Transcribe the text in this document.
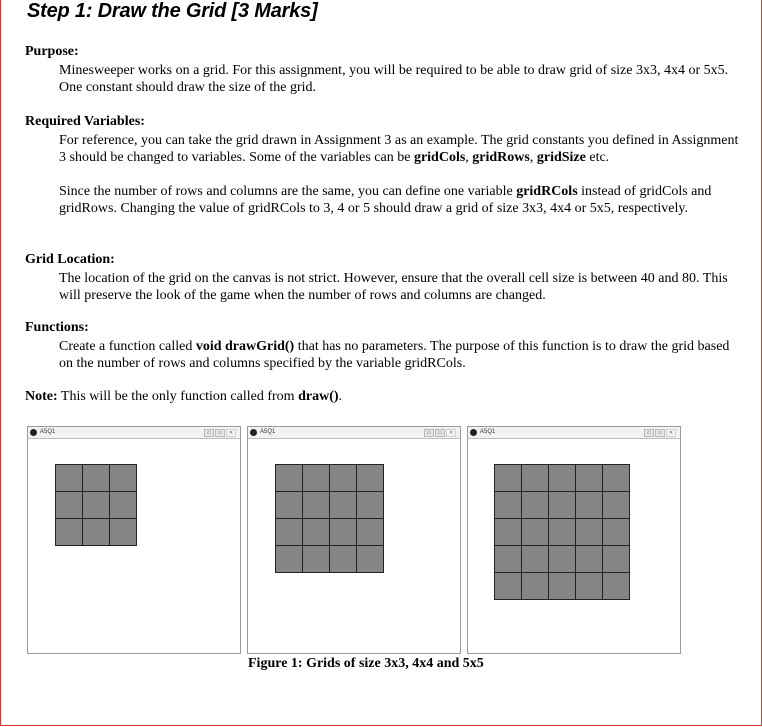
Step 1: Draw the Grid [3 Marks]
Purpose:
Minesweeper works on a grid. For this assignment, you will be required to be able to draw grid of size 3x3, 4x4 or 5x5. One constant should draw the size of the grid.
Required Variables:
For reference, you can take the grid drawn in Assignment 3 as an example. The grid constants you defined in Assignment 3 should be changed to variables. Some of the variables can be gridCols, gridRows, gridSize etc.
Since the number of rows and columns are the same, you can define one variable gridRCols instead of gridCols and gridRows. Changing the value of gridRCols to 3, 4 or 5 should draw a grid of size 3x3, 4x4 or 5x5, respectively.
Grid Location:
The location of the grid on the canvas is not strict. However, ensure that the overall cell size is between 40 and 80. This will preserve the look of the game when the number of rows and columns are changed.
Functions:
Create a function called void drawGrid() that has no parameters. The purpose of this function is to draw the grid based on the number of rows and columns specified by the variable gridRCols.
Note: This will be the only function called from draw().
A5Q1	▭	▭	✕	A5Q1	▭	▭	✕	A5Q1	▭	▭	✕
Figure 1: Grids of size 3x3, 4x4 and 5x5
